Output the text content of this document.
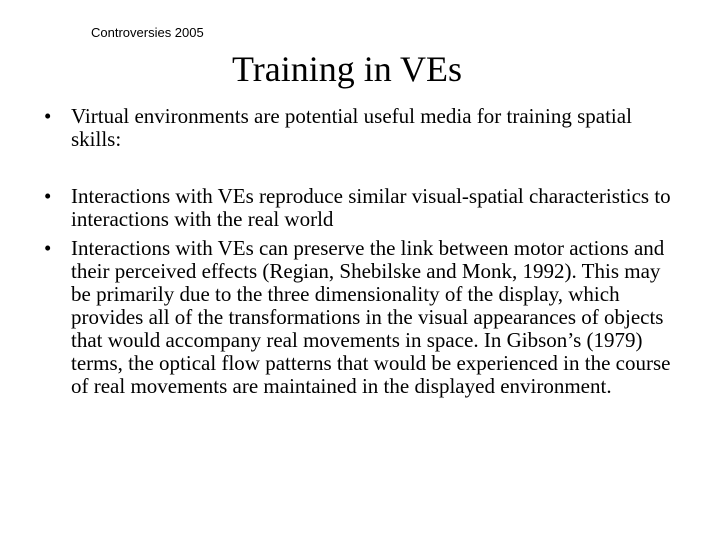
Controversies 2005
Training in VEs
• Virtual environments are potential useful media for training spatial skills:
• Interactions with VEs reproduce similar visual-spatial characteristics to interactions with the real world
• Interactions with VEs can preserve the link between motor actions and their perceived effects (Regian, Shebilske and Monk, 1992). This may be primarily due to the three dimensionality of the display, which provides all of the transformations in the visual appearances of objects that would accompany real movements in space. In Gibson’s (1979) terms, the optical flow patterns that would be experienced in the course of real movements are maintained in the displayed environment.
